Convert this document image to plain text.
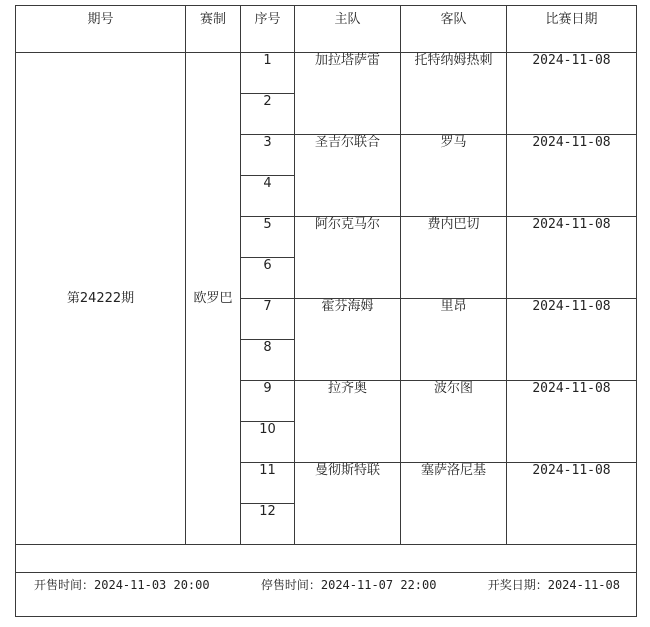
期号	赛制	序号	主队	客队	比赛日期
第24222期	欧罗巴	1	加拉塔萨雷	托特纳姆热刺	2024-11-08
		2			
		3	圣吉尔联合	罗马	2024-11-08
		4			
		5	阿尔克马尔	费内巴切	2024-11-08
		6			
		7	霍芬海姆	里昂	2024-11-08
		8			
		9	拉齐奥	波尔图	2024-11-08
		10			
		11	曼彻斯特联	塞萨洛尼基	2024-11-08
		12			

开售时间：2024-11-03 20:00 停售时间：2024-11-07 22:00 开奖日期：2024-11-08					
